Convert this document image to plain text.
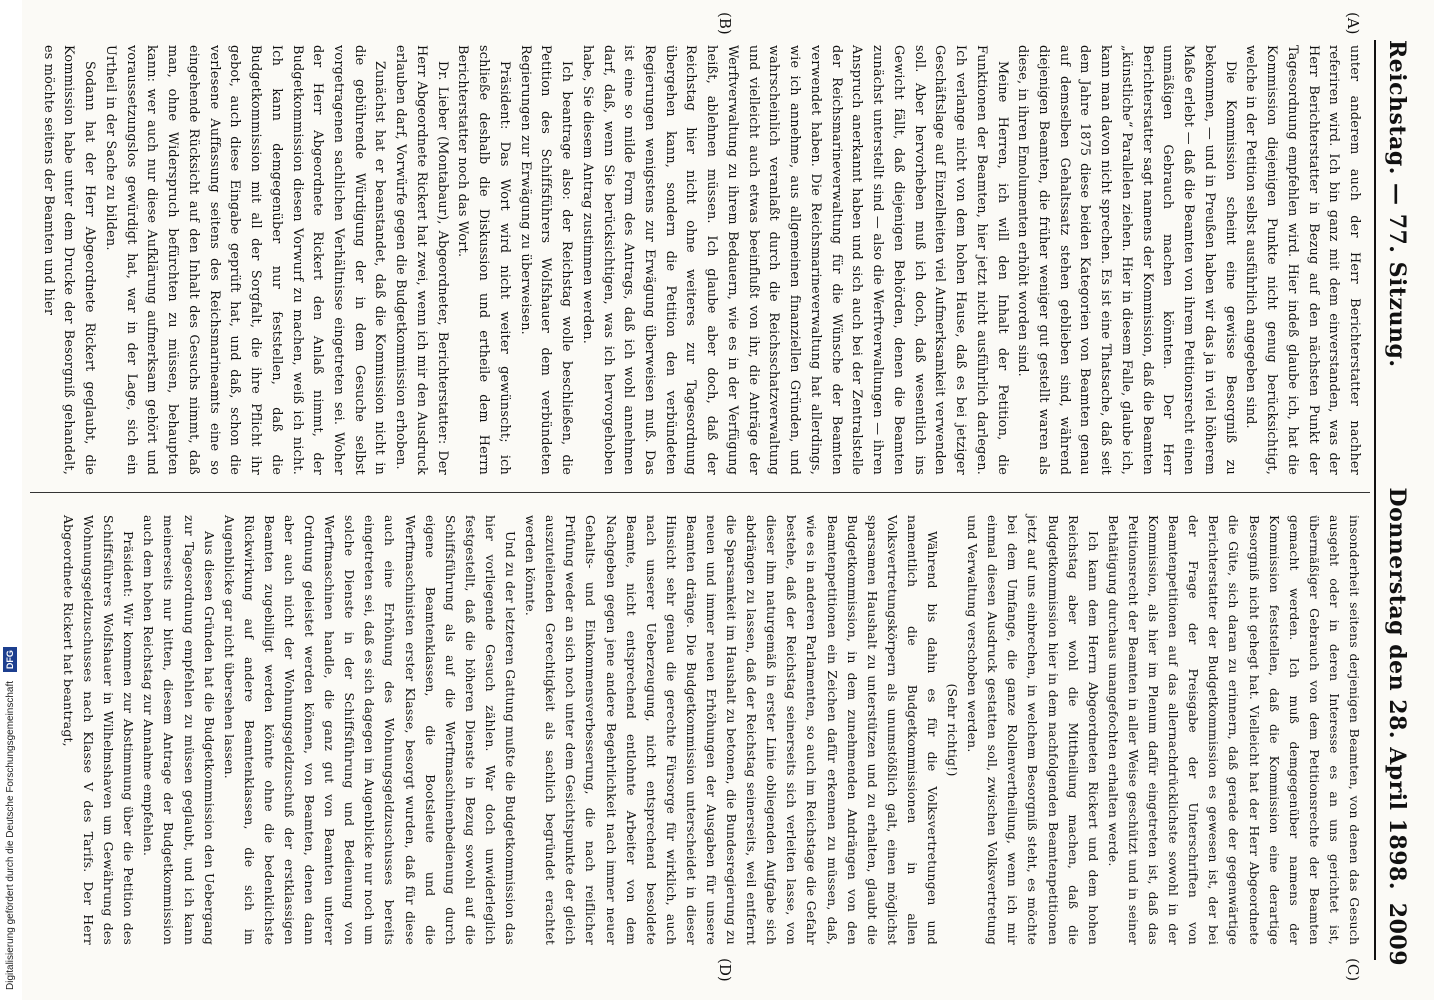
Digitalisierung gefördert durch die Deutsche Forschungsgemeinschaft DFG
Reichstag. — 77. Sitzung.
Donnerstag den 28. April 1898.
2009
(A)
(B)
(C)
(D)

unter anderem auch der Herr Berichterstatter nachher referiren wird. Ich bin ganz mit dem einverstanden, was der Herr Berichterstatter in Bezug auf den nächsten Punkt der Tagesordnung empfehlen wird. Hier indeß glaube ich, hat die Kommission diejenigen Punkte nicht genug berücksichtigt, welche in der Petition selbst ausführlich angegeben sind.

Die Kommission scheint eine gewisse Besorgniß zu bekommen, — und in Preußen haben wir das ja in viel höherem Maße erlebt — daß die Beamten von ihrem Petitionsrecht einen unmäßigen Gebrauch machen könnten. Der Herr Berichterstatter sagt namens der Kommission, daß die Beamten „künstliche“ Parallelen ziehen. Hier in diesem Falle, glaube ich, kann man davon nicht sprechen. Es ist eine Thatsache, daß seit dem Jahre 1875 diese beiden Kategorien von Beamten genau auf demselben Gehaltssatz stehen geblieben sind, während diejenigen Beamten, die früher weniger gut gestellt waren als diese, in ihren Emolumenten erhöht worden sind.

Meine Herren, ich will den Inhalt der Petition, die Funktionen der Beamten, hier jetzt nicht ausführlich darlegen. Ich verlange nicht von dem hohen Hause, daß es bei jetziger Geschäftslage auf Einzelheiten viel Aufmerksamkeit verwenden soll. Aber hervorheben muß ich doch, daß wesentlich ins Gewicht fällt, daß diejenigen Behörden, denen die Beamten zunächst unterstellt sind — also die Werftverwaltungen — ihren Anspruch anerkannt haben und sich auch bei der Zentralstelle der Reichsmarineverwaltung für die Wünsche der Beamten verwendet haben. Die Reichsmarineverwaltung hat allerdings, wie ich annehme, aus allgemeinen finanziellen Gründen, und wahrscheinlich veranlaßt durch die Reichsschatzverwaltung und vielleicht auch etwas beeinflußt von ihr, die Anträge der Werftverwaltung zu ihrem Bedauern, wie es in der Verfügung heißt, ablehnen müssen. Ich glaube aber doch, daß der Reichstag hier nicht ohne weiteres zur Tagesordnung übergehen kann, sondern die Petition den verbündeten Regierungen wenigstens zur Erwägung überweisen muß. Das ist eine so milde Form des Antrags, daß ich wohl annehmen darf, daß, wenn Sie berücksichtigen, was ich hervorgehoben habe, Sie diesem Antrag zustimmen werden.

Ich beantrage also: der Reichstag wolle beschließen, die Petition des Schiffsführers Wolfshauer dem verbündeten Regierungen zur Erwägung zu überweisen.

Präsident: Das Wort wird nicht weiter gewünscht; ich schließe deshalb die Diskussion und ertheile dem Herrn Berichterstatter noch das Wort.

Dr. Lieber (Montabaur), Abgeordneter, Berichterstatter: Der Herr Abgeordnete Rickert hat zwei, wenn ich mir den Ausdruck erlauben darf, Vorwürfe gegen die Budgetkommission erhoben.

Zunächst hat er beanstandet, daß die Kommission nicht in die gebührende Würdigung der in dem Gesuche selbst vorgetragenen sachlichen Verhältnisse eingetreten sei. Woher der Herr Abgeordnete Rickert den Anlaß nimmt, der Budgetkommission diesen Vorwurf zu machen, weiß ich nicht. Ich kann demgegenüber nur feststellen, daß die Budgetkommission mit all der Sorgfalt, die ihre Pflicht ihr gebot, auch diese Eingabe geprüft hat, und daß, schon die verlesene Auffassung seitens des Reichsmarineamts eine so eingehende Rücksicht auf den Inhalt des Gesuchs nimmt, daß man, ohne Widerspruch befürchten zu müssen, behaupten kann: wer auch nur diese Aufklärung aufmerksam gehört und voraussetzungslos gewürdigt hat, war in der Lage, sich ein Urtheil in der Sache zu bilden.

Sodann hat der Herr Abgeordnete Rickert geglaubt, die Kommission habe unter dem Drucke der Besorgniß gehandelt, es möchte seitens der Beamten und hier

insonderheit seitens derjenigen Beamten, von denen das Gesuch ausgeht oder in deren Interesse es an uns gerichtet ist, übermäßiger Gebrauch von dem Petitionsrechte der Beamten gemacht werden. Ich muß demgegenüber namens der Kommission feststellen, daß die Kommission eine derartige Besorgniß nicht gehegt hat. Vielleicht hat der Herr Abgeordnete die Güte, sich daran zu erinnern, daß gerade der gegenwärtige Berichterstatter der Budgetkommission es gewesen ist, der bei der Frage der Preisgabe der Unterschriften von Beamtenpetitionen auf das allernachdrücklichste sowohl in der Kommission, als hier im Plenum dafür eingetreten ist, daß das Petitionsrecht der Beamten in aller Weise geschützt und in seiner Bethätigung durchaus unangefochten erhalten werde.

Ich kann dem Herrn Abgeordneten Rickert und dem hohen Reichstag aber wohl die Mittheilung machen, daß die Budgetkommission hier in dem nachfolgenden Beamtenpetitionen jetzt auf uns einbrechen, in welchem Besorgniß steht, es möchte bei dem Umfange, die ganze Rollenvertheilung, wenn ich mir einmal diesen Ausdruck gestatten soll, zwischen Volksvertretung und Verwaltung verschoben werden.

(Sehr richtig!)

Während bis dahin es für die Volksvertretungen und namentlich die Budgetkommissionen in allen Volksvertretungskörpern als unumstößlich galt, einen möglichst sparsamen Haushalt zu unterstützen und zu erhalten, glaubt die Budgetkommission, in dem zunehmenden Andrängen von den Beamtenpetitionen ein Zeichen dafür erkennen zu müssen, daß, wie es in anderen Parlamenten, so auch im Reichstage die Gefahr bestehe, daß der Reichstag seinerseits sich verleiten lasse, von dieser ihm naturgemäß in erster Linie obliegenden Aufgabe sich abdrängen zu lassen, daß der Reichstag seinerseits, weil entfernt die Sparsamkeit im Haushalt zu betonen, die Bundesregierung zu neuen und immer neuen Erhöhungen der Ausgaben für unsere Beamten dränge. Die Budgetkommission unterscheidet in dieser Hinsicht sehr genau die gerechte Fürsorge für wirklich, auch nach unserer Ueberzeugung, nicht entsprechend besoldete Beamte, nicht entsprechend entlohnte Arbeiter von dem Nachgeben gegen jene andere Begehrlichkeit nach immer neuer Gehalts- und Einkommensverbesserung, die nach reiflicher Prüfung weder an sich noch unter dem Gesichtspunkte der gleich auszuteilenden Gerechtigkeit als sachlich begründet erachtet werden könnte.

Und zu der letzteren Gattung mußte die Budgetkommission das hier vorliegende Gesuch zählen. War doch unwiderleglich festgestellt, daß die höheren Dienste in Bezug sowohl auf die Schiffsführung als auf die Werftmaschinenbedienung durch eigene Beamtenklassen, die Bootsleute und die Werftmaschinisten erster Klasse, besorgt wurden, daß für diese auch eine Erhöhung des Wohnungsgeldzuschusses bereits eingetreten sei, daß es sich dagegen im Augenblicke nur noch um solche Dienste in der Schiffsführung und Bedienung von Werftmaschinen handle, die ganz gut von Beamten unterer Ordnung geleistet werden können, von Beamten, denen dann aber auch nicht der Wohnungsgeldzuschuß der erstklassigen Beamten zugebilligt werden könnte ohne die bedenklichste Rückwirkung auf andere Beamtenklassen, die sich im Augenblicke gar nicht übersehen lassen.

Aus diesen Gründen hat die Budgetkommission den Uebergang zur Tagesordnung empfehlen zu müssen geglaubt, und ich kann meinerseits nur bitten, diesem Antrage der Budgetkommission auch dem hohen Reichstag zur Annahme empfehlen.

Präsident: Wir kommen zur Abstimmung über die Petition des Schiffsführers Wolfshauer in Wilhelmshaven um Gewährung des Wohnungsgeldzuschusses nach Klasse V des Tarifs. Der Herr Abgeordnete Rickert hat beantragt,
